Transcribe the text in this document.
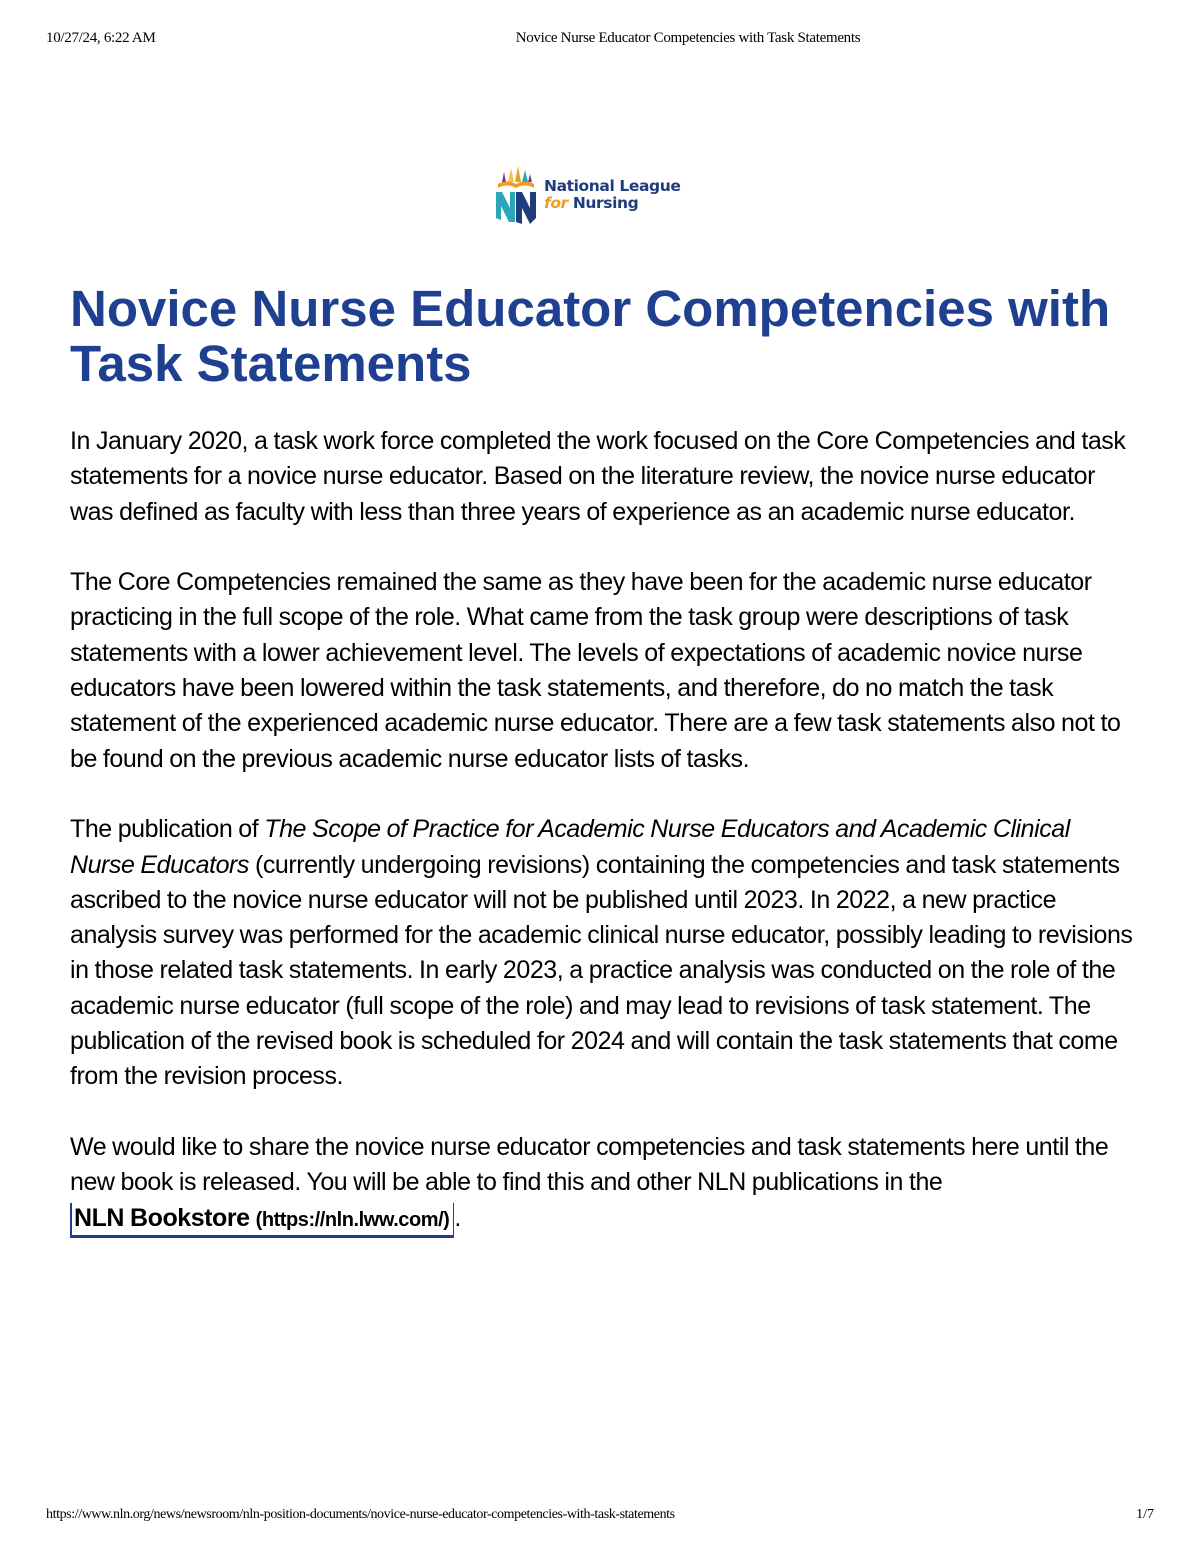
10/27/24, 6:22 AM	Novice Nurse Educator Competencies with Task Statements
National League
for Nursing
Novice Nurse Educator Competencies with Task Statements

In January 2020, a task work force completed the work focused on the Core Competencies and task statements for a novice nurse educator. Based on the literature review, the novice nurse educator was defined as faculty with less than three years of experience as an academic nurse educator.

The Core Competencies remained the same as they have been for the academic nurse educator practicing in the full scope of the role. What came from the task group were descriptions of task statements with a lower achievement level. The levels of expectations of academic novice nurse educators have been lowered within the task statements, and therefore, do no match the task statement of the experienced academic nurse educator. There are a few task statements also not to be found on the previous academic nurse educator lists of tasks.

The publication of The Scope of Practice for Academic Nurse Educators and Academic Clinical Nurse Educators (currently undergoing revisions) containing the competencies and task statements ascribed to the novice nurse educator will not be published until 2023. In 2022, a new practice analysis survey was performed for the academic clinical nurse educator, possibly leading to revisions in those related task statements. In early 2023, a practice analysis was conducted on the role of the academic nurse educator (full scope of the role) and may lead to revisions of task statement. The publication of the revised book is scheduled for 2024 and will contain the task statements that come from the revision process.

We would like to share the novice nurse educator competencies and task statements here until the new book is released. You will be able to find this and other NLN publications in the NLN Bookstore (https://nln.lww.com/) .

https://www.nln.org/news/newsroom/nln-position-documents/novice-nurse-educator-competencies-with-task-statements	1/7
